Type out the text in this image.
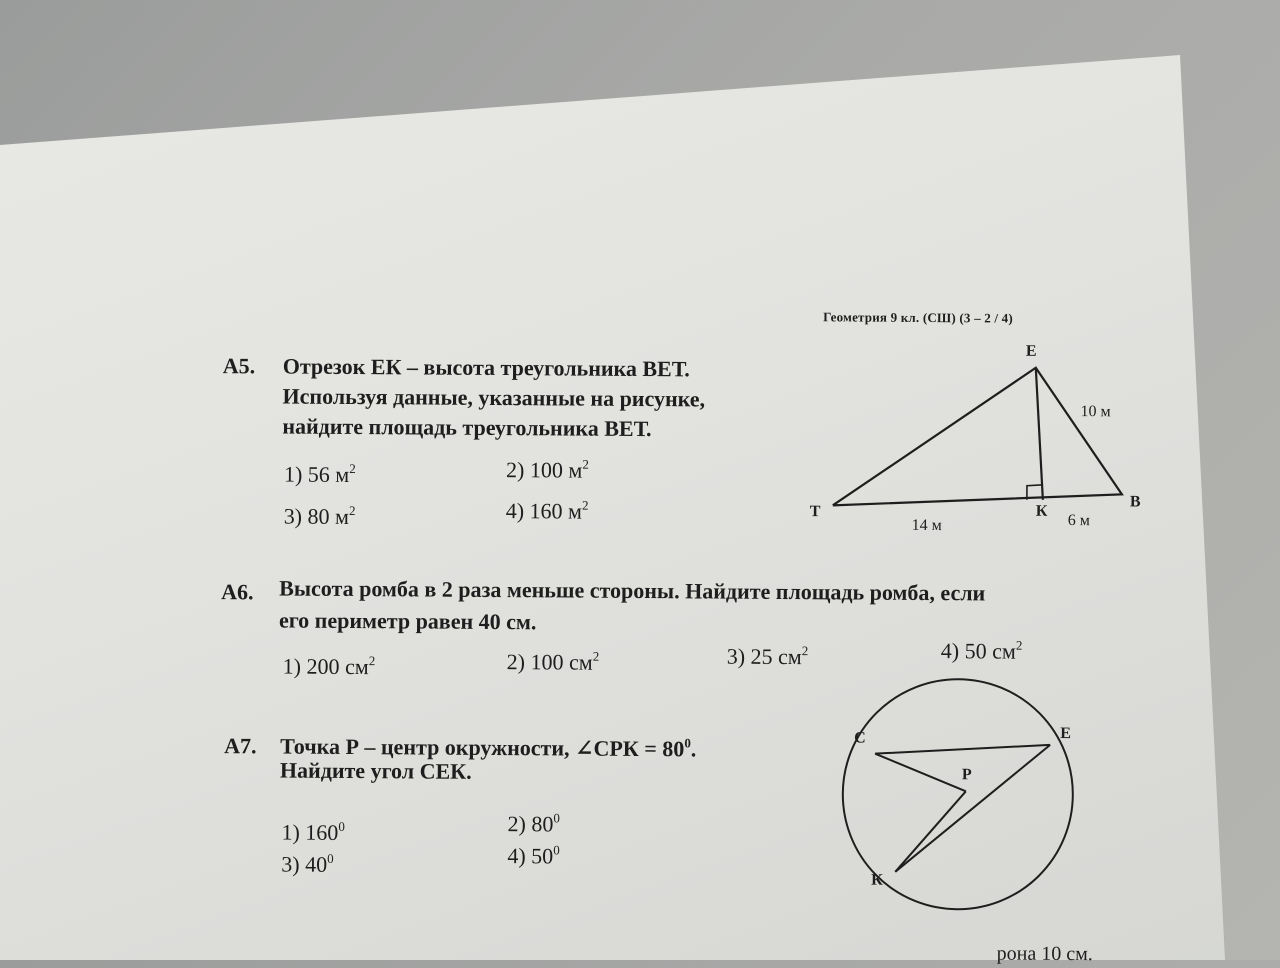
Геометрия 9 кл. (СШ) (3 – 2 / 4)
А5. Отрезок ЕК – высота треугольника ВЕТ.
Используя данные, указанные на рисунке,
найдите площадь треугольника ВЕТ.
1) 56 $м^2$	2) 100 $м^2$
3) 80 $м^2$	4) 160 $м^2$
Е
Т	К
В
10 м
14 м	6 м
А6. Высота ромба в 2 раза меньше стороны. Найдите площадь ромба, если
его периметр равен 40 см.
1) 200 $см^2$	2) 100 $см^2$	3) 25 $см^2$	4) 50 $см^2$
А7. Точка Р – центр окружности, ∠СРК = $80^0$.
Найдите угол СЕК.
1) $160^0$	2) $80^0$
3) $40^0$	4) $50^0$
С	Е
Р
К
рона 10 см.
